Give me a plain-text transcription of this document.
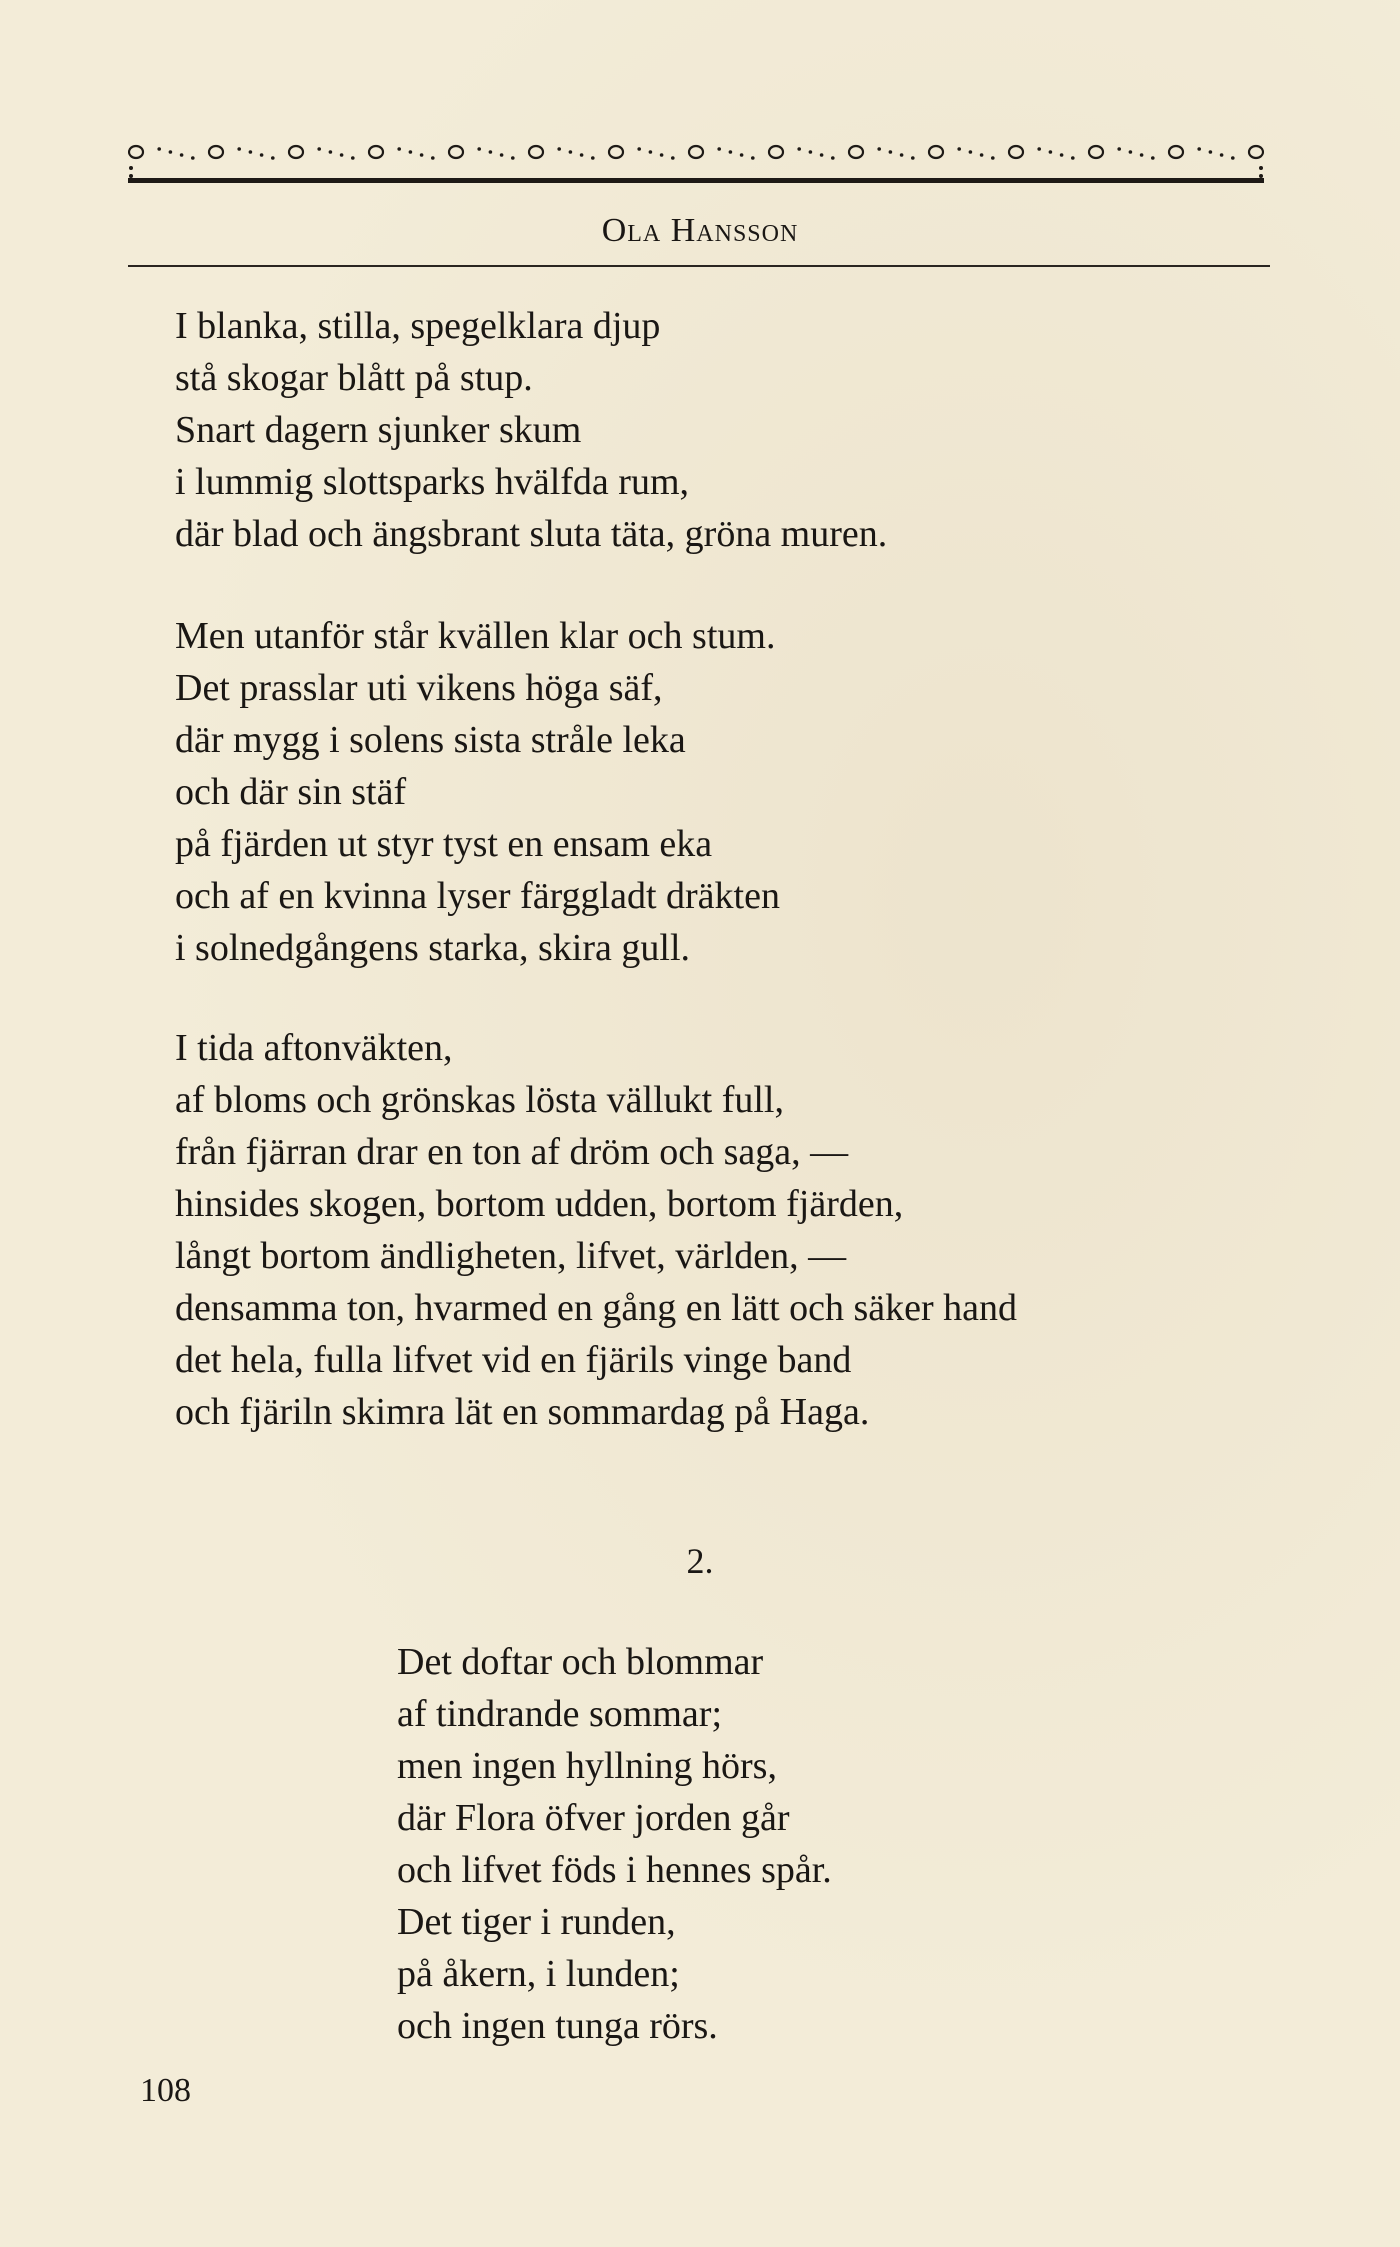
Ola Hansson
I blanka, stilla, spegelklara djup
stå skogar blått på stup.
Snart dagern sjunker skum
i lummig slottsparks hvälfda rum,
där blad och ängsbrant sluta täta, gröna muren.
Men utanför står kvällen klar och stum.
Det prasslar uti vikens höga säf,
där mygg i solens sista stråle leka
och där sin stäf
på fjärden ut styr tyst en ensam eka
och af en kvinna lyser färggladt dräkten
i solnedgångens starka, skira gull.
I tida aftonväkten,
af bloms och grönskas lösta vällukt full,
från fjärran drar en ton af dröm och saga, —
hinsides skogen, bortom udden, bortom fjärden,
långt bortom ändligheten, lifvet, världen, —
densamma ton, hvarmed en gång en lätt och säker hand
det hela, fulla lifvet vid en fjärils vinge band
och fjäriln skimra lät en sommardag på Haga.
2.
Det doftar och blommar
af tindrande sommar;
men ingen hyllning hörs,
där Flora öfver jorden går
och lifvet föds i hennes spår.
Det tiger i runden,
på åkern, i lunden;
och ingen tunga rörs.
108
